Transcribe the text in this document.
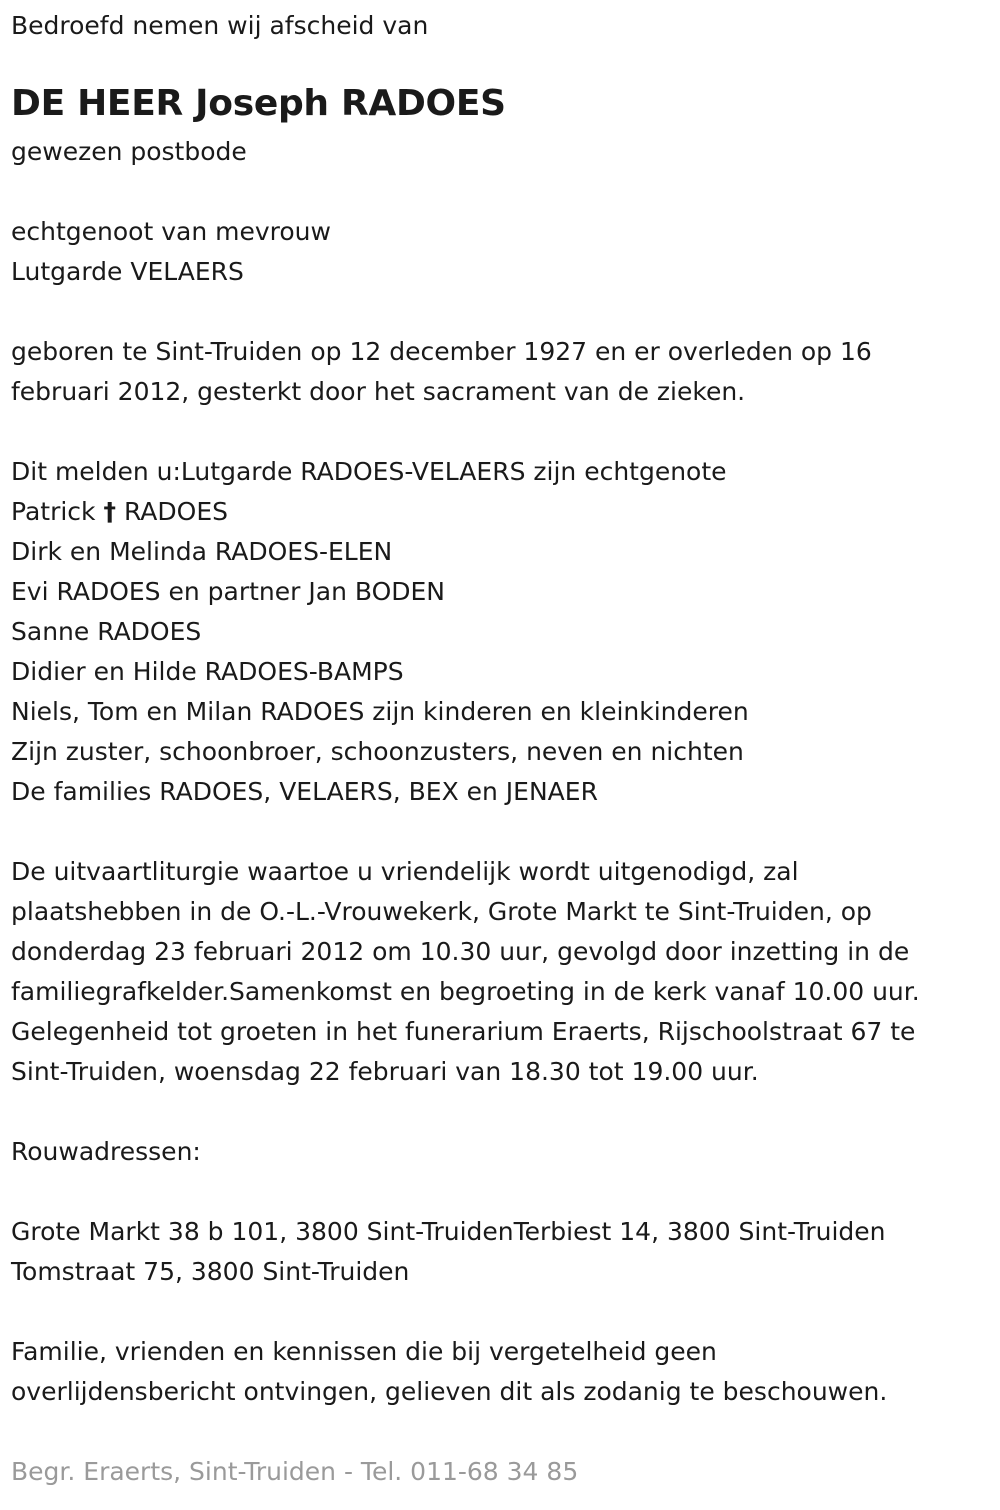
Bedroefd nemen wij afscheid van
DE HEER Joseph RADOES
gewezen postbode
echtgenoot van mevrouw
Lutgarde VELAERS
geboren te Sint-Truiden op 12 december 1927 en er overleden op 16
februari 2012, gesterkt door het sacrament van de zieken.
Dit melden u:Lutgarde RADOES-VELAERS zijn echtgenote
Patrick † RADOES
Dirk en Melinda RADOES-ELEN
Evi RADOES en partner Jan BODEN
Sanne RADOES
Didier en Hilde RADOES-BAMPS
Niels, Tom en Milan RADOES zijn kinderen en kleinkinderen
Zijn zuster, schoonbroer, schoonzusters, neven en nichten
De families RADOES, VELAERS, BEX en JENAER
De uitvaartliturgie waartoe u vriendelijk wordt uitgenodigd, zal
plaatshebben in de O.-L.-Vrouwekerk, Grote Markt te Sint-Truiden, op
donderdag 23 februari 2012 om 10.30 uur, gevolgd door inzetting in de
familiegrafkelder.Samenkomst en begroeting in de kerk vanaf 10.00 uur.
Gelegenheid tot groeten in het funerarium Eraerts, Rijschoolstraat 67 te
Sint-Truiden, woensdag 22 februari van 18.30 tot 19.00 uur.
Rouwadressen:
Grote Markt 38 b 101, 3800 Sint-TruidenTerbiest 14, 3800 Sint-Truiden
Tomstraat 75, 3800 Sint-Truiden
Familie, vrienden en kennissen die bij vergetelheid geen
overlijdensbericht ontvingen, gelieven dit als zodanig te beschouwen.
Begr. Eraerts, Sint-Truiden - Tel. 011-68 34 85
